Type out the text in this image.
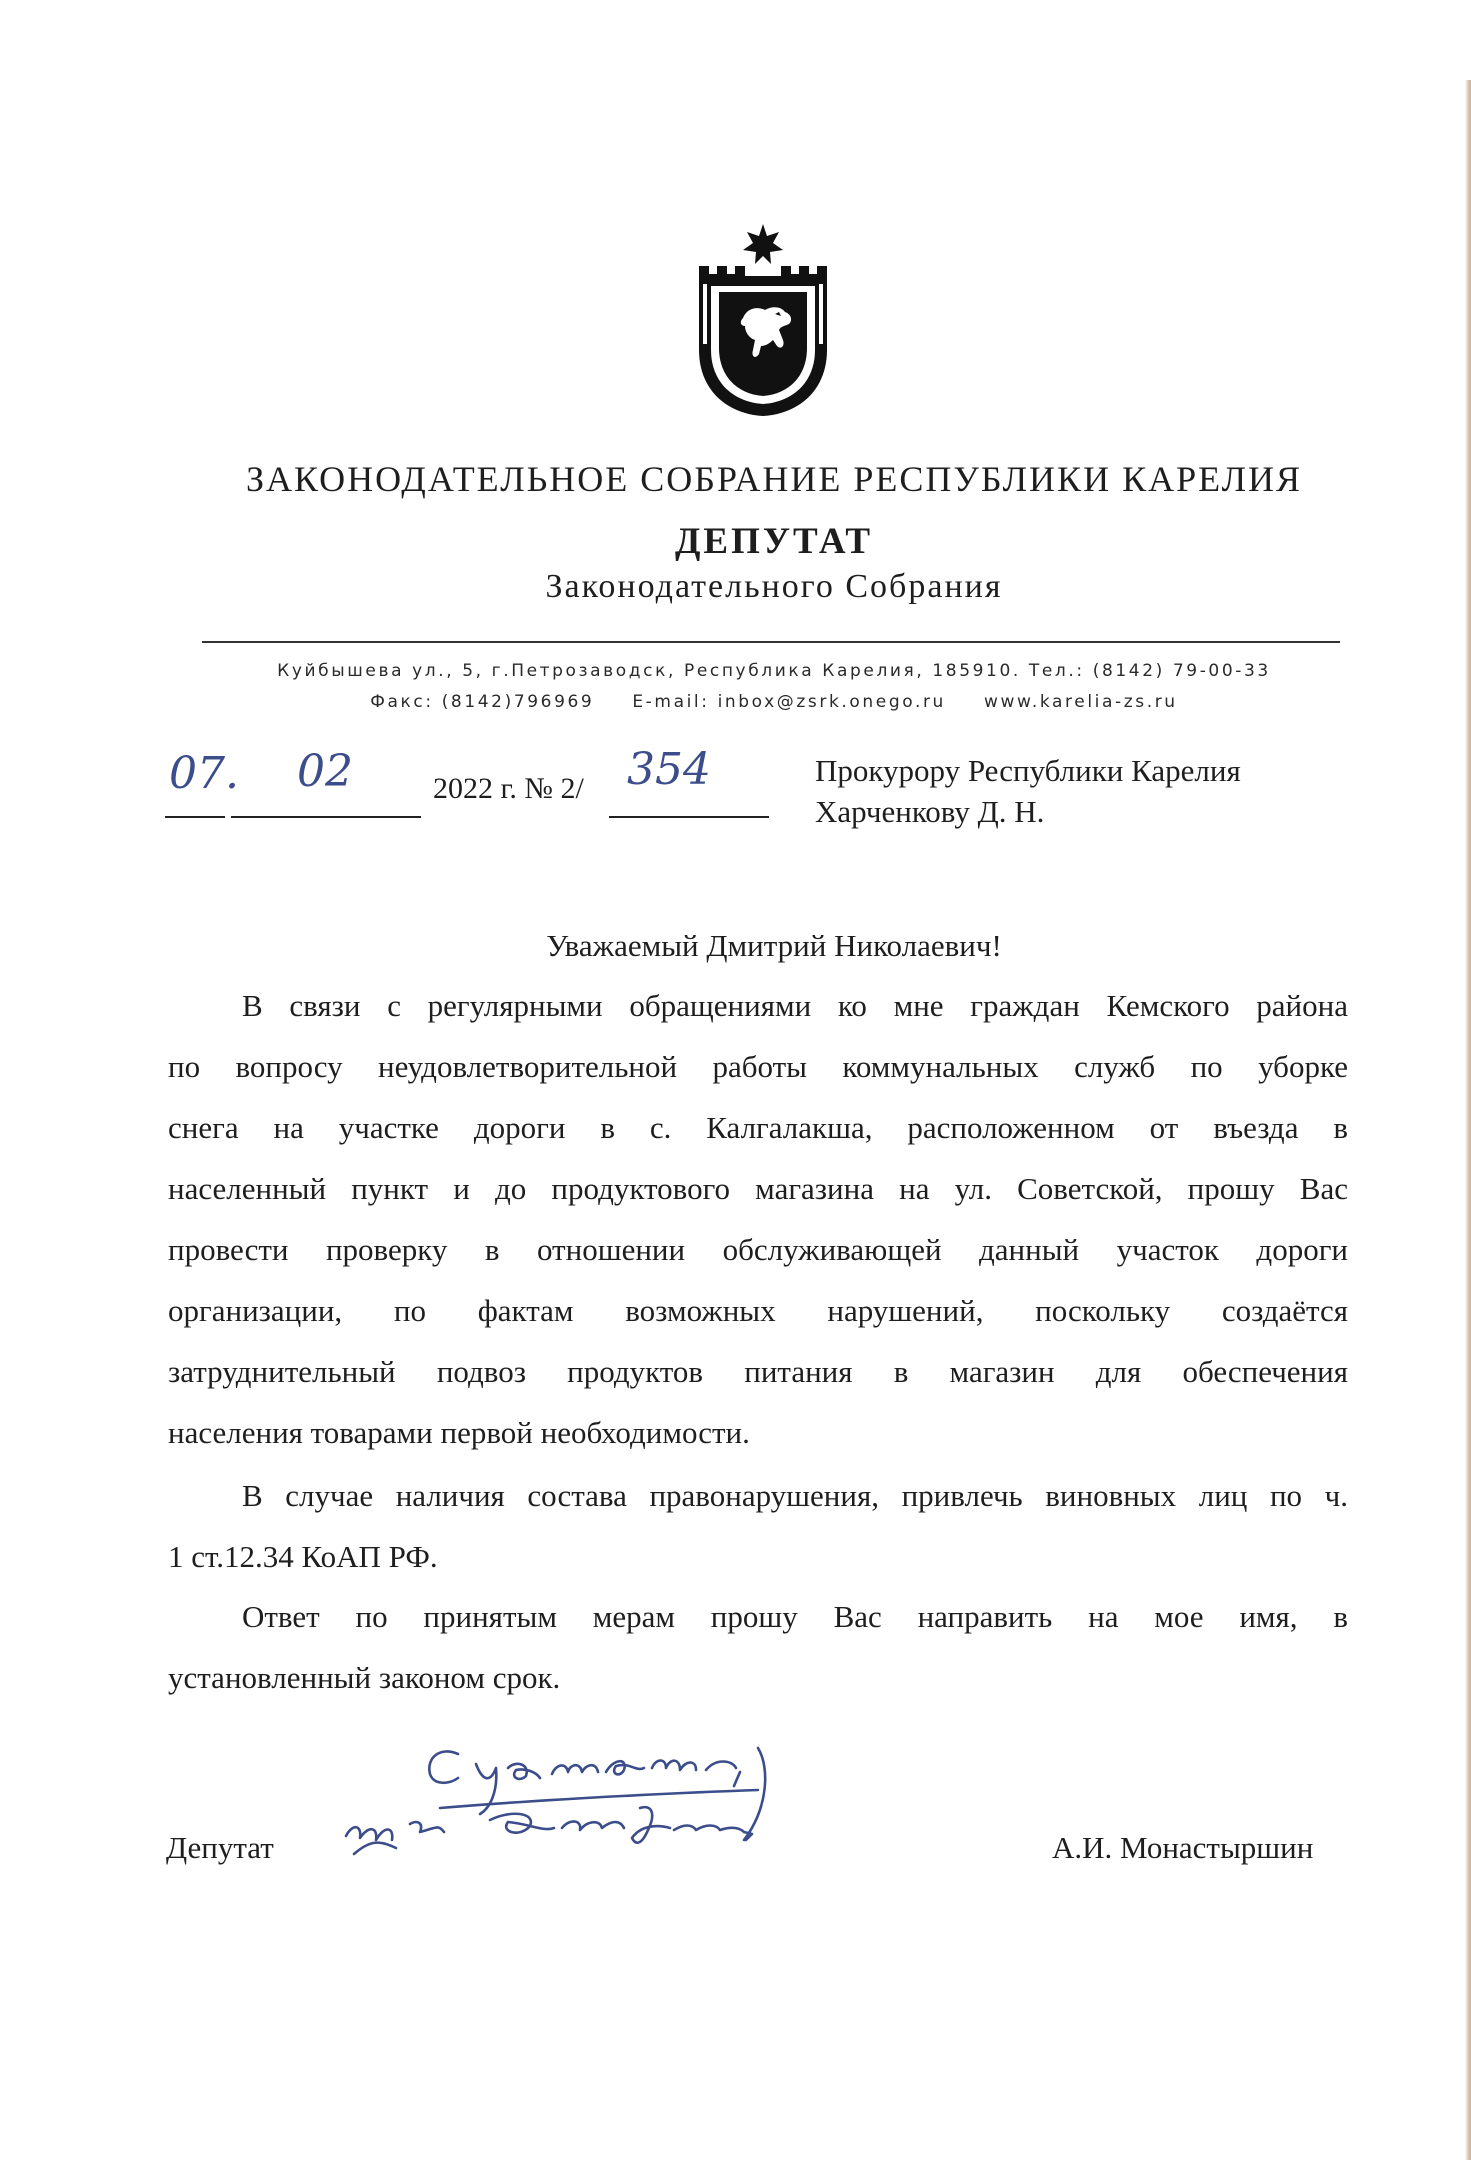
ЗАКОНОДАТЕЛЬНОЕ СОБРАНИЕ РЕСПУБЛИКИ КАРЕЛИЯ
ДЕПУТАТ
Законодательного Собрания
Куйбышева ул., 5, г.Петрозаводск, Республика Карелия, 185910. Тел.: (8142) 79-00-33
Факс: (8142)796969 E-mail: inbox@zsrk.onego.ru www.karelia-zs.ru
07. 02	2022 г. № 2/ 354	Прокурору Республики Карелия
Харченкову Д. Н.
Уважаемый Дмитрий Николаевич!
В связи с регулярными обращениями ко мне граждан Кемского района
по вопросу неудовлетворительной работы коммунальных служб по уборке
снега на участке дороги в с. Калгалакша, расположенном от въезда в
населенный пункт и до продуктового магазина на ул. Советской, прошу Вас
провести проверку в отношении обслуживающей данный участок дороги
организации, по фактам возможных нарушений, поскольку создаётся
затруднительный подвоз продуктов питания в магазин для обеспечения
населения товарами первой необходимости.
В случае наличия состава правонарушения, привлечь виновных лиц по ч.
1 ст.12.34 КоАП РФ.
Ответ по принятым мерам прошу Вас направить на мое имя, в
установленный законом срок.
Депутат	А.И. Монастыршин
